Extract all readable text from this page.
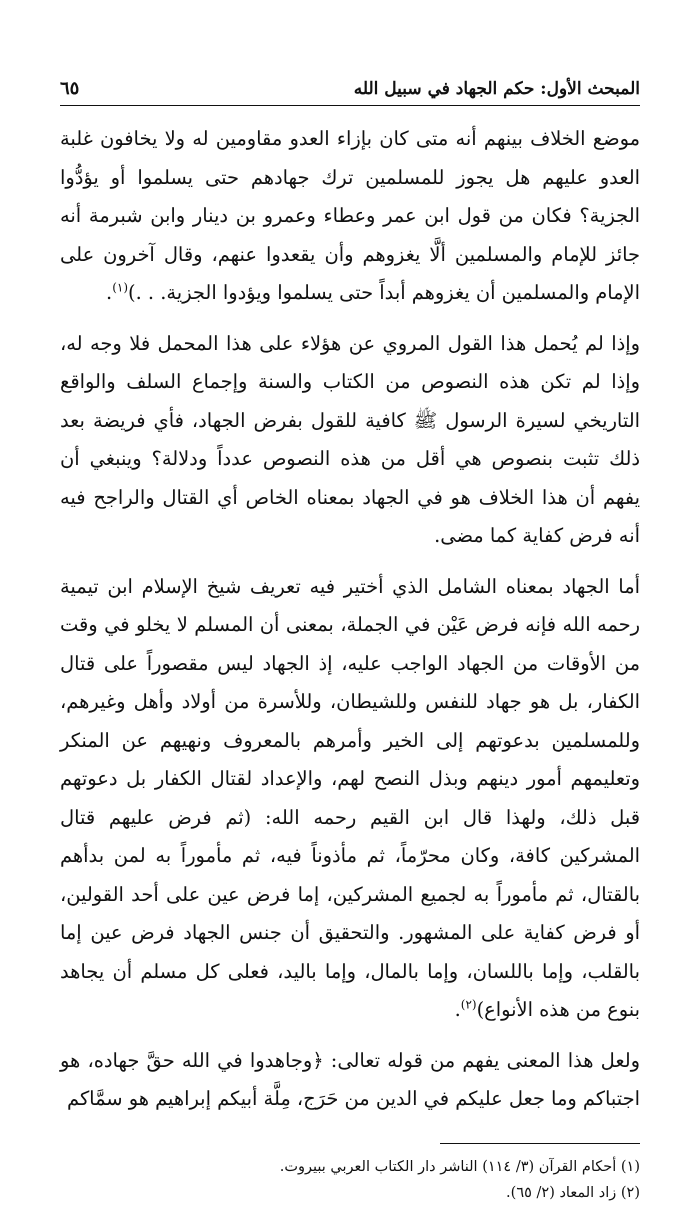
المبحث الأول: حكم الجهاد في سبيل الله
٦٥

موضع الخلاف بينهم أنه متى كان بإزاء العدو مقاومين له ولا يخافون غلبة العدو عليهم هل يجوز للمسلمين ترك جهادهم حتى يسلموا أو يؤدُّوا الجزية؟ فكان من قول ابن عمر وعطاء وعمرو بن دينار وابن شبرمة أنه جائز للإمام والمسلمين ألَّا يغزوهم وأن يقعدوا عنهم، وقال آخرون على الإمام والمسلمين أن يغزوهم أبداً حتى يسلموا ويؤدوا الجزية. . .)$^{(١)}$.

وإذا لم يُحمل هذا القول المروي عن هؤلاء على هذا المحمل فلا وجه له، وإذا لم تكن هذه النصوص من الكتاب والسنة وإجماع السلف والواقع التاريخي لسيرة الرسول ﷺ كافية للقول بفرض الجهاد، فأي فريضة بعد ذلك تثبت بنصوص هي أقل من هذه النصوص عدداً ودلالة؟ وينبغي أن يفهم أن هذا الخلاف هو في الجهاد بمعناه الخاص أي القتال والراجح فيه أنه فرض كفاية كما مضى.

أما الجهاد بمعناه الشامل الذي أختير فيه تعريف شيخ الإسلام ابن تيمية رحمه الله فإنه فرض عَيْن في الجملة، بمعنى أن المسلم لا يخلو في وقت من الأوقات من الجهاد الواجب عليه، إذ الجهاد ليس مقصوراً على قتال الكفار، بل هو جهاد للنفس وللشيطان، وللأسرة من أولاد وأهل وغيرهم، وللمسلمين بدعوتهم إلى الخير وأمرهم بالمعروف ونهيهم عن المنكر وتعليمهم أمور دينهم وبذل النصح لهم، والإعداد لقتال الكفار بل دعوتهم قبل ذلك، ولهذا قال ابن القيم رحمه الله: (ثم فرض عليهم قتال المشركين كافة، وكان محرّماً، ثم مأذوناً فيه، ثم مأموراً به لمن بدأهم بالقتال، ثم مأموراً به لجميع المشركين، إما فرض عين على أحد القولين، أو فرض كفاية على المشهور. والتحقيق أن جنس الجهاد فرض عين إما بالقلب، وإما باللسان، وإما بالمال، وإما باليد، فعلى كل مسلم أن يجاهد بنوع من هذه الأنواع)$^{(٢)}$.

ولعل هذا المعنى يفهم من قوله تعالى: ﴿وجاهدوا في الله حقَّ جهاده، هو اجتباكم وما جعل عليكم في الدين من حَرَج، مِلَّة أبيكم إبراهيم هو سمَّاكم

(١) أحكام القرآن (٣/ ١١٤) الناشر دار الكتاب العربي ببيروت.

(٢) زاد المعاد (٢/ ٦٥).
